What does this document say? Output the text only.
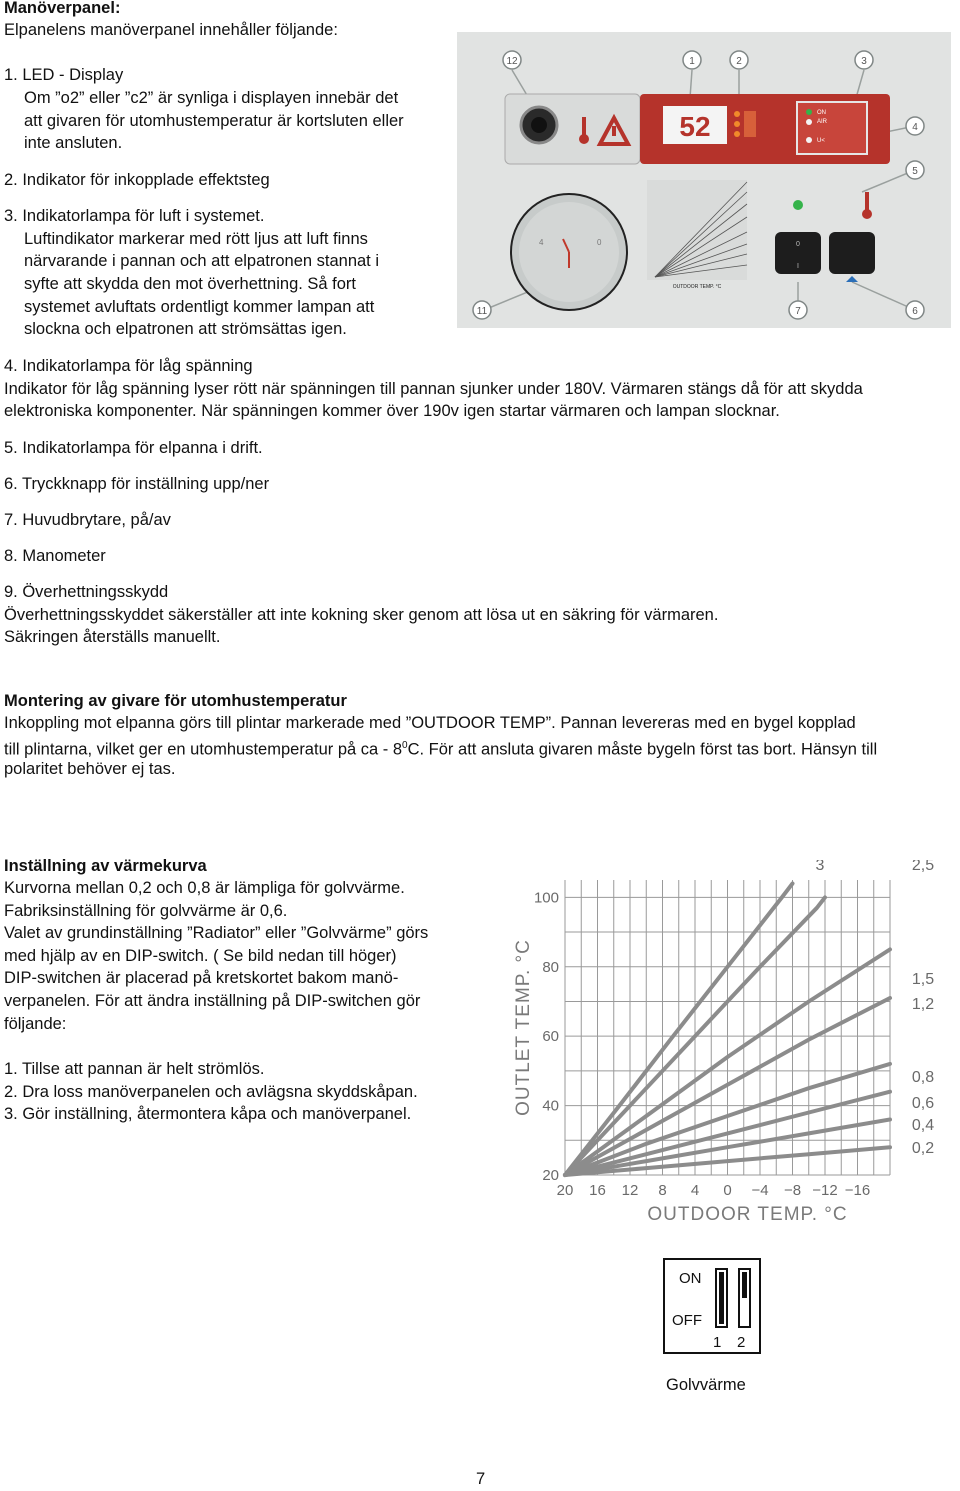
Manöverpanel:

Elpanelens manöverpanel innehåller följande:

1. LED - Display

Om ”o2” eller ”c2” är synliga i displayen innebär det

att givaren för utomhustemperatur är kortsluten eller

inte ansluten.

2. Indikator för inkopplade effektsteg

3. Indikatorlampa för luft i systemet.

Luftindikator markerar med rött ljus att luft finns

närvarande i pannan och att elpatronen stannat i

syfte att skydda den mot överhettning. Så fort

systemet avluftats ordentligt kommer lampan att

slockna och elpatronen att strömsättas igen.

4. Indikatorlampa för låg spänning

Indikator för låg spänning lyser rött när spänningen till pannan sjunker under 180V. Värmaren stängs då för att skydda

elektroniska komponenter. När spänningen kommer över 190v igen startar värmaren och lampan slocknar.

5. Indikatorlampa för elpanna i drift.

6. Tryckknapp för inställning upp/ner

7. Huvudbrytare, på/av

8. Manometer

9. Överhettningsskydd

Överhettningsskyddet säkerställer att inte kokning sker genom att lösa ut en säkring för värmaren.

Säkringen återställs manuellt.

52	ON
AIR
U<
4	0
OUTDOOR TEMP. °C
0
I
12	1	2	3
4
5
11	7	6

Montering av givare för utomhustemperatur

Inkoppling mot elpanna görs till plintar markerade med ”OUTDOOR TEMP”. Pannan levereras med en bygel kopplad

till plintarna, vilket ger en utomhustemperatur på ca - $8^0C$. För att ansluta givaren måste bygeln först tas bort. Hänsyn till

polaritet behöver ej tas.

Inställning av värmekurva

Kurvorna mellan 0,2 och 0,8 är lämpliga för golvvärme.

Fabriksinställning för golvvärme är 0,6.

Valet av grundinställning ”Radiator” eller ”Golvvärme” görs

med hjälp av en DIP-switch. ( Se bild nedan till höger)

DIP-switchen är placerad på kretskortet bakom manö-

verpanelen. För att ändra inställning på DIP-switchen gör

följande:

1. Tillse att pannan är helt strömlös.

2. Dra loss manöverpanelen och avlägsna skyddskåpan.

3. Gör inställning, återmontera kåpa och manöverpanel.

20 16 12 8 4 0 −4 −8 −12 −16
20
40
60
80
100
OUTDOOR TEMP. °C
OUTLET TEMP. °C
3	2,5
1,5
1,2
0,8
0,6
0,4
0,2
ON
OFF
1 2

Golvvärme

7
